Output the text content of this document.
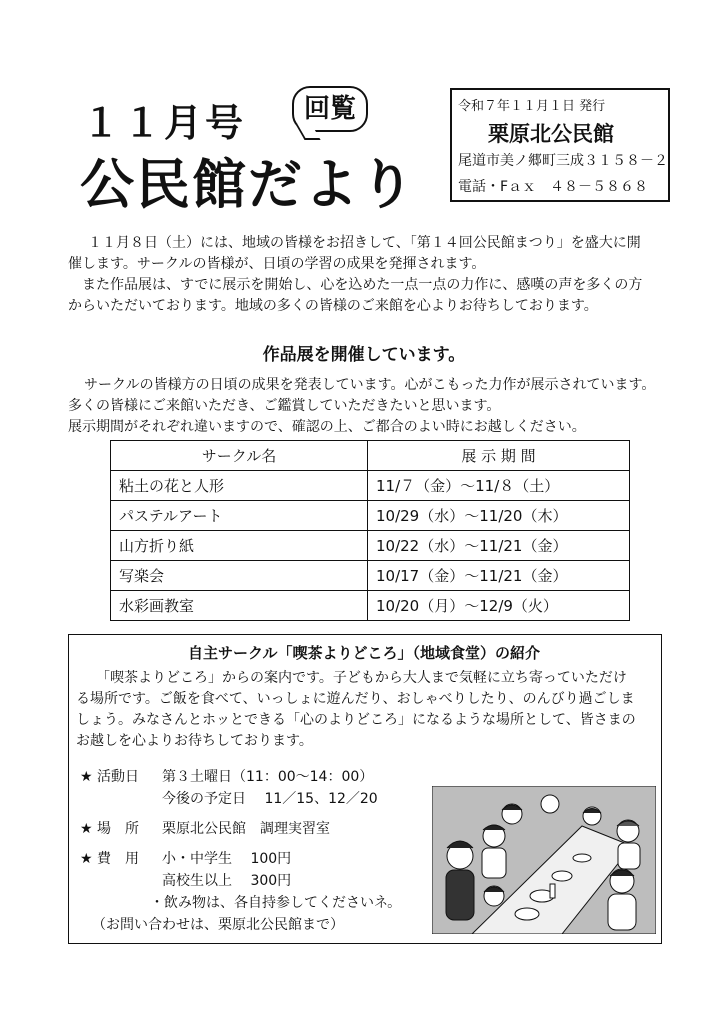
１１月号	回覧
公民館だより
令和７年１１月１日 発行
栗原北公民館
尾道市美ノ郷町三成３１５８－２
電話・Fａｘ　４８－５８６８
１１月８日（土）には、地域の皆様をお招きして、「第１４回公民館まつり」を盛大に開
催します。サークルの皆様が、日頃の学習の成果を発揮されます。
　また作品展は、すでに展示を開始し、心を込めた一点一点の力作に、感嘆の声を多くの方
からいただいております。地域の多くの皆様のご来館を心よりお待ちしております。
作品展を開催しています。
サークルの皆様方の日頃の成果を発表しています。心がこもった力作が展示されています。
多くの皆様にご来館いただき、ご鑑賞していただきたいと思います。
展示期間がそれぞれ違いますので、確認の上、ご都合のよい時にお越しください。
サークル名	展 示 期 間
粘土の花と人形	11/７（金）～11/８（土）
パステルアート	10/29（水）～11/20（木）
山方折り紙	10/22（水）～11/21（金）
写楽会	10/17（金）～11/21（金）
水彩画教室	10/20（月）～12/9（火）
自主サークル「喫茶よりどころ」（地域食堂）の紹介
「喫茶よりどころ」からの案内です。子どもから大人まで気軽に立ち寄っていただけ
る場所です。ご飯を食べて、いっしょに遊んだり、おしゃべりしたり、のんびり過ごしま
しょう。みなさんとホッとできる「心のよりどころ」になるような場所として、皆さまの
お越しを心よりお待ちしております。
★ 活動日 第３土曜日（11：00～14：00）
今後の予定日　 11／15、12／20
★ 場　所 栗原北公民館　調理実習室
★ 費　用 小・中学生　 100円
高校生以上　 300円
・飲み物は、各自持参してくださいネ。
（お問い合わせは、栗原北公民館まで）
